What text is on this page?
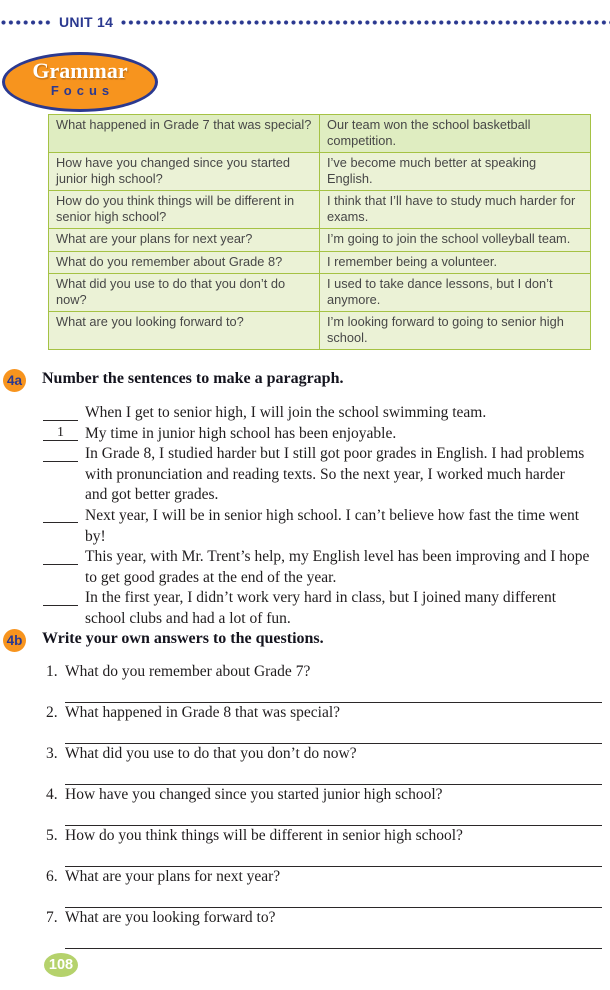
UNIT 14
Grammar
Focus
What happened in Grade 7 that was special?	Our team won the school basketball competition.
How have you changed since you started junior high school?	I’ve become much better at speaking English.
How do you think things will be different in senior high school?	I think that I’ll have to study much harder for exams.
What are your plans for next year?	I’m going to join the school volleyball team.
What do you remember about Grade 8?	I remember being a volunteer.
What did you use to do that you don’t do now?	I used to take dance lessons, but I don’t anymore.
What are you looking forward to?	I’m looking forward to going to senior high school.
4a Number the sentences to make a paragraph.
When I get to senior high, I will join the school swimming team.
1	My time in junior high school has been enjoyable.
In Grade 8, I studied harder but I still got poor grades in English. I had problems with pronunciation and reading texts. So the next year, I worked much harder and got better grades.
Next year, I will be in senior high school. I can’t believe how fast the time went by!
This year, with Mr. Trent’s help, my English level has been improving and I hope to get good grades at the end of the year.
In the first year, I didn’t work very hard in class, but I joined many different school clubs and had a lot of fun.
4b Write your own answers to the questions.
1. What do you remember about Grade 7?
2. What happened in Grade 8 that was special?
3. What did you use to do that you don’t do now?
4. How have you changed since you started junior high school?
5. How do you think things will be different in senior high school?
6. What are your plans for next year?
7. What are you looking forward to?
108
